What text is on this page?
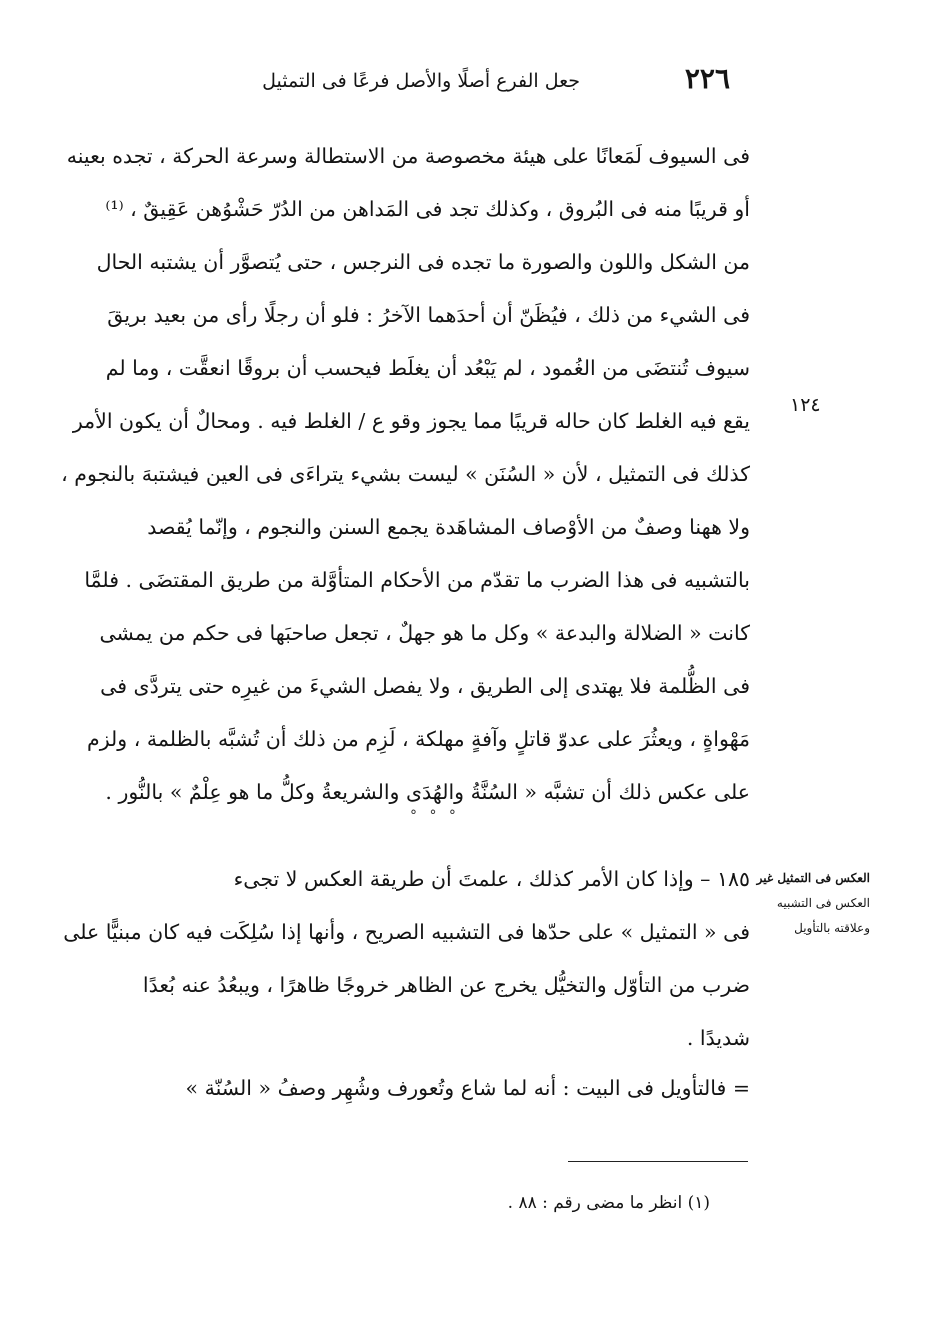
٢٢٦
جعل الفرع أصلًا والأصل فرعًا فى التمثيل
فى السيوف لَمَعانًا على هيئة مخصوصة من الاستطالة وسرعة الحركة ، تجده بعينه
أو قريبًا منه فى البُروق ، وكذلك تجد فى المَداهن من الدُرّ حَشْوُهن عَقِيقٌ ، ⁽¹⁾
من الشكل واللون والصورة ما تجده فى النرجس ، حتى يُتصوَّر أن يشتبه الحال
فى الشيء من ذلك ، فيُظَنّ أن أحدَهما الآخرُ : فلو أن رجلًا رأى من بعيد بريقَ
سيوف تُنتضَى من الغُمود ، لم يَبْعُد أن يغلَط فيحسب أن بروقًا انعقَّت ، وما لم
يقع فيه الغلط كان حاله قريبًا مما يجوز وقو ع / الغلط فيه . ومحالٌ أن يكون الأمر
كذلك فى التمثيل ، لأن « السُنَن » ليست بشيء يتراءَى فى العين فيشتبهَ بالنجوم ،
ولا ههنا وصفٌ من الأوْصاف المشاهَدة يجمع السنن والنجوم ، وإنّما يُقصد
بالتشبيه فى هذا الضرب ما تقدّم من الأحكام المتأوَّلة من طريق المقتضَى . فلمَّا
كانت « الضلالة والبدعة » وكل ما هو جهلٌ ، تجعل صاحبَها فى حكم من يمشى
فى الظُّلمة فلا يهتدى إلى الطريق ، ولا يفصل الشيءَ من غيرِه حتى يتردَّى فى
مَهْواةٍ ، ويعثُرَ على عدوّ قاتلٍ وآفةٍ مهلكة ، لَزِم من ذلك أن تُشبَّه بالظلمة ، ولزم
على عكس ذلك أن تشبَّه « السُنَّةُ والهُدَى والشريعةُ وكلُّ ما هو عِلْمٌ » بالنُّور .
١٢٤
° ° °
العكس فى التمثيل غير
العكس فى التشبيه
وعلاقته بالتأويل
١٨٥ – وإذا كان الأمر كذلك ، علمتَ أن طريقة العكس لا تجىء
فى « التمثيل » على حدّها فى التشبيه الصريح ، وأنها إذا سُلِكَت فيه كان مبنيًّا على
ضرب من التأوّل والتخيُّل يخرج عن الظاهر خروجًا ظاهرًا ، ويبعُدُ عنه بُعدًا
شديدًا .
= فالتأويل فى البيت : أنه لما شاع وتُعورف وشُهِر وصفُ « السُنّة »
(١) انظر ما مضى رقم : ٨٨ .
